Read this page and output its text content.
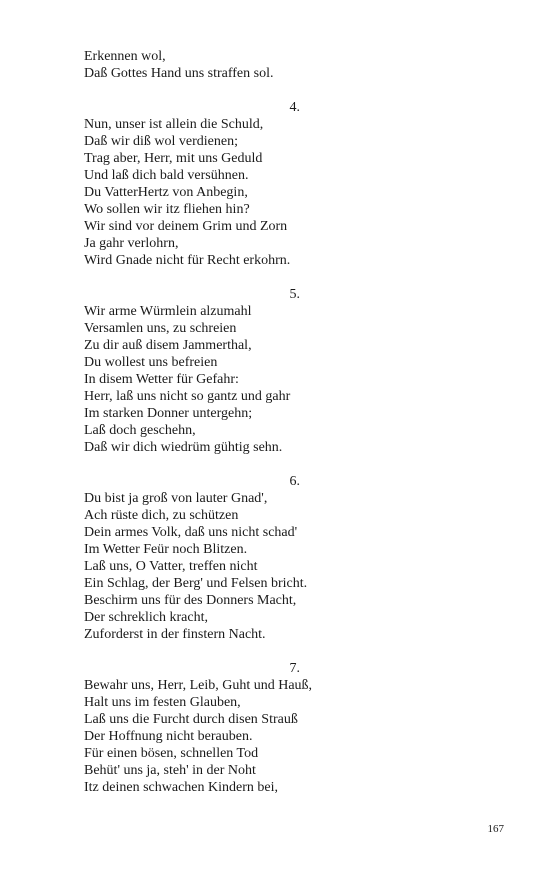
Erkennen wol,
Daß Gottes Hand uns straffen sol.
4.
Nun, unser ist allein die Schuld,
Daß wir diß wol verdienen;
Trag aber, Herr, mit uns Geduld
Und laß dich bald versühnen.
Du VatterHertz von Anbegin,
Wo sollen wir itz fliehen hin?
Wir sind vor deinem Grim und Zorn
Ja gahr verlohrn,
Wird Gnade nicht für Recht erkohrn.
5.
Wir arme Würmlein alzumahl
Versamlen uns, zu schreien
Zu dir auß disem Jammerthal,
Du wollest uns befreien
In disem Wetter für Gefahr:
Herr, laß uns nicht so gantz und gahr
Im starken Donner untergehn;
Laß doch geschehn,
Daß wir dich wiedrüm gühtig sehn.
6.
Du bist ja groß von lauter Gnad',
Ach rüste dich, zu schützen
Dein armes Volk, daß uns nicht schad'
Im Wetter Feür noch Blitzen.
Laß uns, O Vatter, treffen nicht
Ein Schlag, der Berg' und Felsen bricht.
Beschirm uns für des Donners Macht,
Der schreklich kracht,
Zuforderst in der finstern Nacht.
7.
Bewahr uns, Herr, Leib, Guht und Hauß,
Halt uns im festen Glauben,
Laß uns die Furcht durch disen Strauß
Der Hoffnung nicht berauben.
Für einen bösen, schnellen Tod
Behüt' uns ja, steh' in der Noht
Itz deinen schwachen Kindern bei,
167
